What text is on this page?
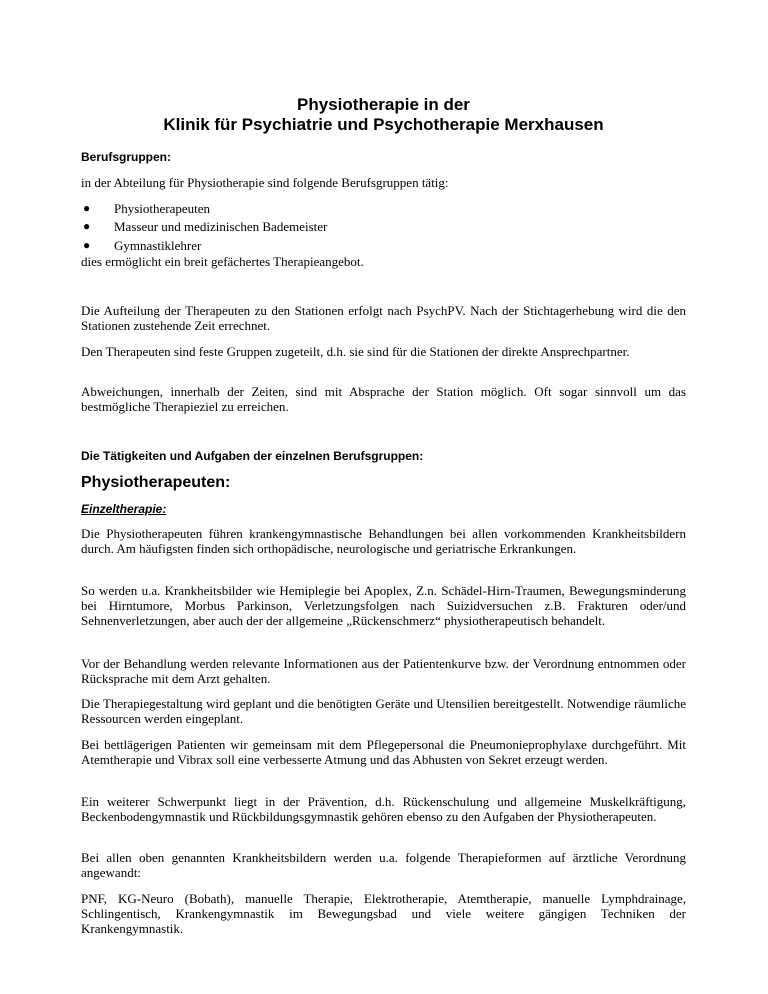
Physiotherapie in der
Klinik für Psychiatrie und Psychotherapie Merxhausen
Berufsgruppen:

in der Abteilung für Physiotherapie sind folgende Berufsgruppen tätig:

● Physiotherapeuten
● Masseur und medizinischen Bademeister
● Gymnastiklehrer

dies ermöglicht ein breit gefächertes Therapieangebot.

Die Aufteilung der Therapeuten zu den Stationen erfolgt nach PsychPV. Nach der Stichtagerhebung wird die den Stationen zustehende Zeit errechnet.

Den Therapeuten sind feste Gruppen zugeteilt, d.h. sie sind für die Stationen der direkte Ansprechpartner.

Abweichungen, innerhalb der Zeiten, sind mit Absprache der Station möglich. Oft sogar sinnvoll um das bestmögliche Therapieziel zu erreichen.

Die Tätigkeiten und Aufgaben der einzelnen Berufsgruppen:
Physiotherapeuten:
Einzeltherapie:

Die Physiotherapeuten führen krankengymnastische Behandlungen bei allen vorkommenden Krankheitsbildern durch. Am häufigsten finden sich orthopädische, neurologische und geriatrische Erkrankungen.

So werden u.a. Krankheitsbilder wie Hemiplegie bei Apoplex, Z.n. Schädel-Hirn-Traumen, Bewegungsminderung bei Hirntumore, Morbus Parkinson, Verletzungsfolgen nach Suizidversuchen z.B. Frakturen oder/und Sehnenverletzungen, aber auch der der allgemeine „Rückenschmerz“ physiotherapeutisch behandelt.

Vor der Behandlung werden relevante Informationen aus der Patientenkurve bzw. der Verordnung entnommen oder Rücksprache mit dem Arzt gehalten.

Die Therapiegestaltung wird geplant und die benötigten Geräte und Utensilien bereitgestellt. Notwendige räumliche Ressourcen werden eingeplant.

Bei bettlägerigen Patienten wir gemeinsam mit dem Pflegepersonal die Pneumonieprophylaxe durchgeführt. Mit Atemtherapie und Vibrax soll eine verbesserte Atmung und das Abhusten von Sekret erzeugt werden.

Ein weiterer Schwerpunkt liegt in der Prävention, d.h. Rückenschulung und allgemeine Muskelkräftigung, Beckenbodengymnastik und Rückbildungsgymnastik gehören ebenso zu den Aufgaben der Physiotherapeuten.

Bei allen oben genannten Krankheitsbildern werden u.a. folgende Therapieformen auf ärztliche Verordnung angewandt:

PNF, KG-Neuro (Bobath), manuelle Therapie, Elektrotherapie, Atemtherapie, manuelle Lymphdrainage, Schlingentisch, Krankengymnastik im Bewegungsbad und viele weitere gängigen Techniken der Krankengymnastik.
